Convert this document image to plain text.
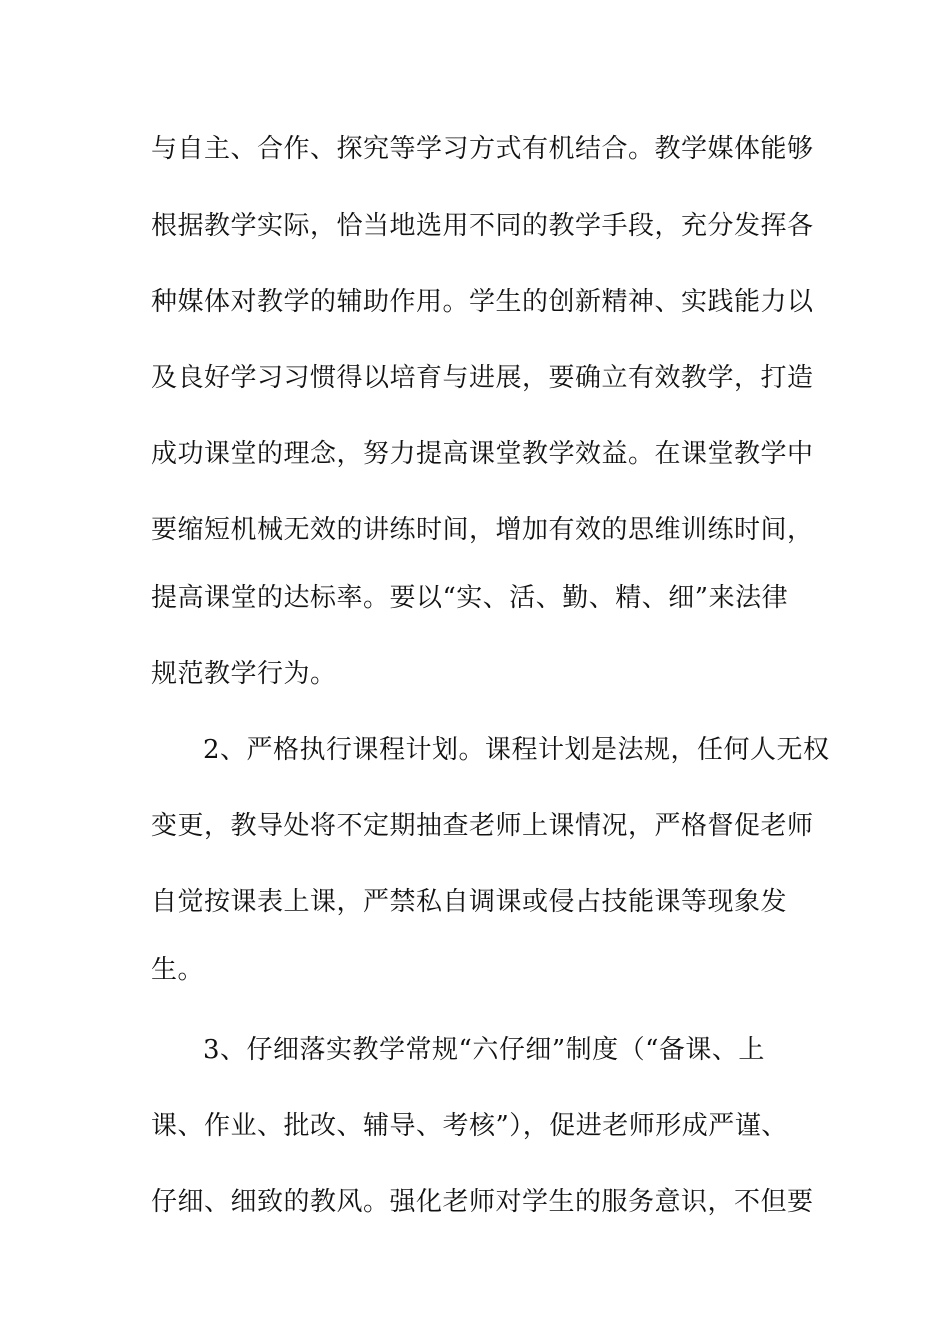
与自主、合作、探究等学习方式有机结合。教学媒体能够
根据教学实际，恰当地选用不同的教学手段，充分发挥各
种媒体对教学的辅助作用。学生的创新精神、实践能力以
及良好学习习惯得以培育与进展，要确立有效教学，打造
成功课堂的理念，努力提高课堂教学效益。在课堂教学中
要缩短机械无效的讲练时间，增加有效的思维训练时间，
提高课堂的达标率。要以“实、活、勤、精、细”来法律
规范教学行为。
2、严格执行课程计划。课程计划是法规，任何人无权
变更，教导处将不定期抽查老师上课情况，严格督促老师
自觉按课表上课，严禁私自调课或侵占技能课等现象发
生。
3、仔细落实教学常规“六仔细”制度（“备课、上
课、作业、批改、辅导、考核”），促进老师形成严谨、
仔细、细致的教风。强化老师对学生的服务意识，不但要
